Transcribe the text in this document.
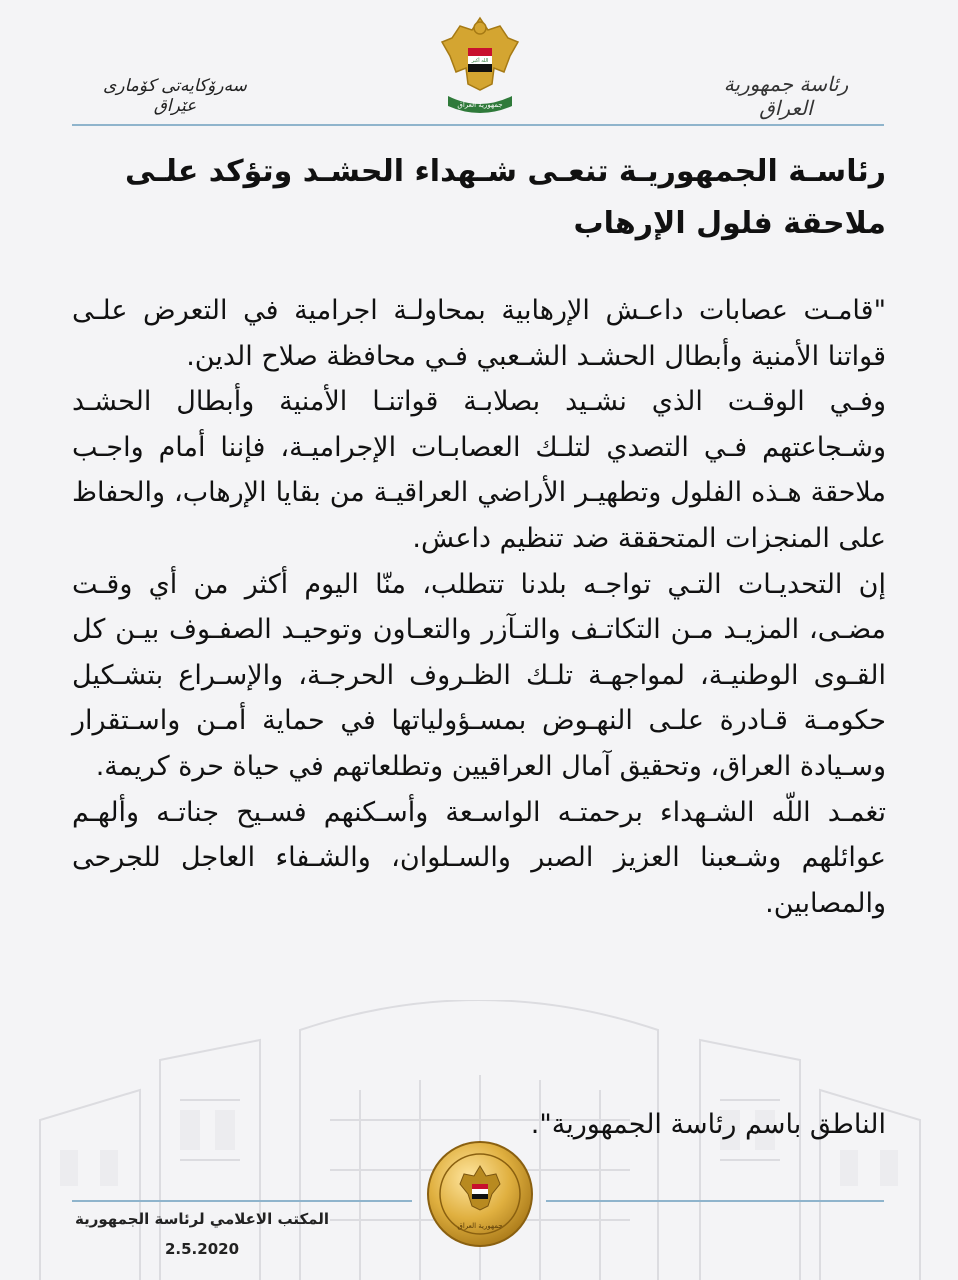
سەرۆکایەتی کۆماری عێراق
الله أكبر
جمهورية العراق
رئاسة جمهورية العراق
رئاسـة الجمهوريـة تنعـى شـهداء الحشـد وتؤكد علـى ملاحقة فلول الإرهاب

"قامـت عصابات داعـش الإرهابية بمحاولـة اجرامية في التعرض علـى قواتنا الأمنية وأبطال الحشـد الشـعبي فـي محافظة صلاح الدين.

وفـي الوقـت الذي نشـيد بصلابـة قواتنـا الأمنية وأبطال الحشـد وشـجاعتهم فـي التصدي لتلـك العصابـات الإجراميـة، فإننا أمام واجـب ملاحقة هـذه الفلول وتطهيـر الأراضي العراقيـة من بقايا الإرهاب، والحفاظ على المنجزات المتحققة ضد تنظيم داعش.

إن التحديـات التـي تواجـه بلدنا تتطلب، منّا اليوم أكثر من أي وقـت مضـى، المزيـد مـن التكاتـف والتـآزر والتعـاون وتوحيـد الصفـوف بيـن كل القـوى الوطنيـة، لمواجهـة تلـك الظـروف الحرجـة، والإسـراع بتشـكيل حكومـة قـادرة علـى النهـوض بمسـؤولياتها في حماية أمـن واسـتقرار وسـيادة العراق، وتحقيق آمال العراقيين وتطلعاتهم في حياة حرة كريمة.

تغمـد اللّه الشـهداء برحمتـه الواسـعة وأسـكنهم فسـيح جناتـه وألهـم عوائلهم وشـعبنا العزيز الصبر والسـلوان، والشـفاء العاجل للجرحى والمصابين.

الناطق باسم رئاسة الجمهورية".
جمهورية العراق
المكتب الاعلامي لرئاسة الجمهورية
2.5.2020
